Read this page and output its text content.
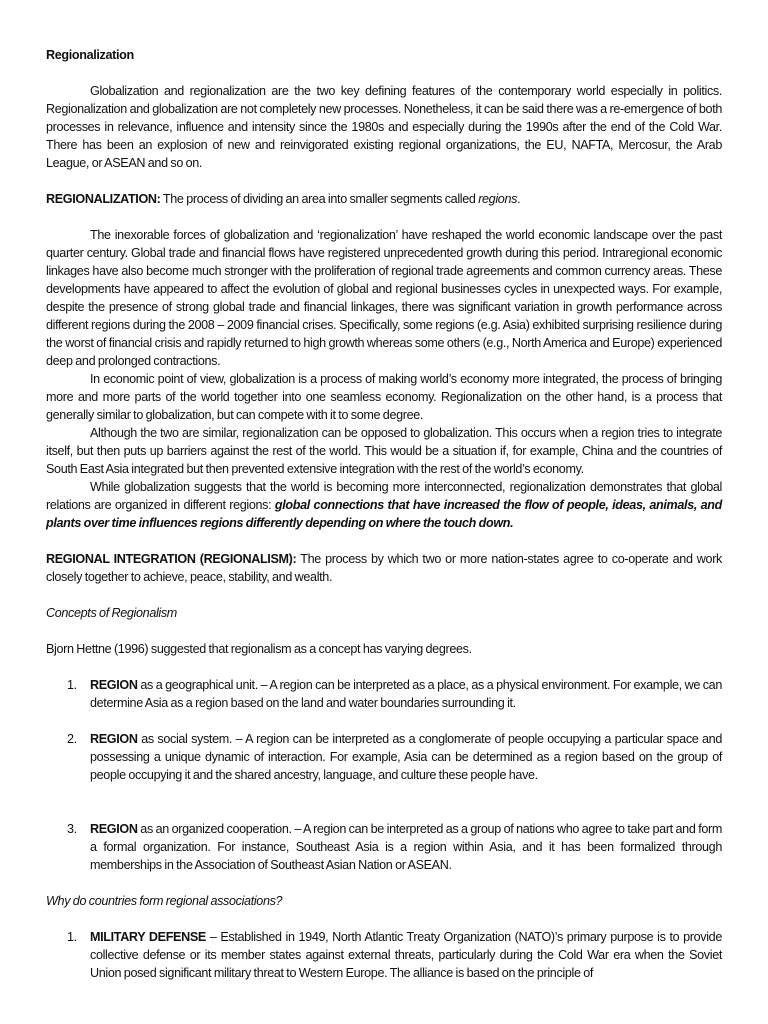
Regionalization

Globalization and regionalization are the two key defining features of the contemporary world especially in politics. Regionalization and globalization are not completely new processes. Nonetheless, it can be said there was a re-emergence of both processes in relevance, influence and intensity since the 1980s and especially during the 1990s after the end of the Cold War. There has been an explosion of new and reinvigorated existing regional organizations, the EU, NAFTA, Mercosur, the Arab League, or ASEAN and so on.

REGIONALIZATION: The process of dividing an area into smaller segments called regions.

The inexorable forces of globalization and ‘regionalization’ have reshaped the world economic landscape over the past quarter century. Global trade and financial flows have registered unprecedented growth during this period. Intraregional economic linkages have also become much stronger with the proliferation of regional trade agreements and common currency areas. These developments have appeared to affect the evolution of global and regional businesses cycles in unexpected ways. For example, despite the presence of strong global trade and financial linkages, there was significant variation in growth performance across different regions during the 2008 – 2009 financial crises. Specifically, some regions (e.g. Asia) exhibited surprising resilience during the worst of financial crisis and rapidly returned to high growth whereas some others (e.g., North America and Europe) experienced deep and prolonged contractions.

In economic point of view, globalization is a process of making world’s economy more integrated, the process of bringing more and more parts of the world together into one seamless economy. Regionalization on the other hand, is a process that generally similar to globalization, but can compete with it to some degree.

Although the two are similar, regionalization can be opposed to globalization. This occurs when a region tries to integrate itself, but then puts up barriers against the rest of the world. This would be a situation if, for example, China and the countries of South East Asia integrated but then prevented extensive integration with the rest of the world’s economy.

While globalization suggests that the world is becoming more interconnected, regionalization demonstrates that global relations are organized in different regions: global connections that have increased the flow of people, ideas, animals, and plants over time influences regions differently depending on where the touch down.

REGIONAL INTEGRATION (REGIONALISM): The process by which two or more nation-states agree to co-operate and work closely together to achieve, peace, stability, and wealth.

Concepts of Regionalism

Bjorn Hettne (1996) suggested that regionalism as a concept has varying degrees.

1. REGION as a geographical unit. – A region can be interpreted as a place, as a physical environment. For example, we can determine Asia as a region based on the land and water boundaries surrounding it.
2. REGION as social system. – A region can be interpreted as a conglomerate of people occupying a particular space and possessing a unique dynamic of interaction. For example, Asia can be determined as a region based on the group of people occupying it and the shared ancestry, language, and culture these people have.
3. REGION as an organized cooperation. – A region can be interpreted as a group of nations who agree to take part and form a formal organization. For instance, Southeast Asia is a region within Asia, and it has been formalized through memberships in the Association of Southeast Asian Nation or ASEAN.

Why do countries form regional associations?

1. MILITARY DEFENSE – Established in 1949, North Atlantic Treaty Organization (NATO)’s primary purpose is to provide collective defense or its member states against external threats, particularly during the Cold War era when the Soviet Union posed significant military threat to Western Europe. The alliance is based on the principle of
